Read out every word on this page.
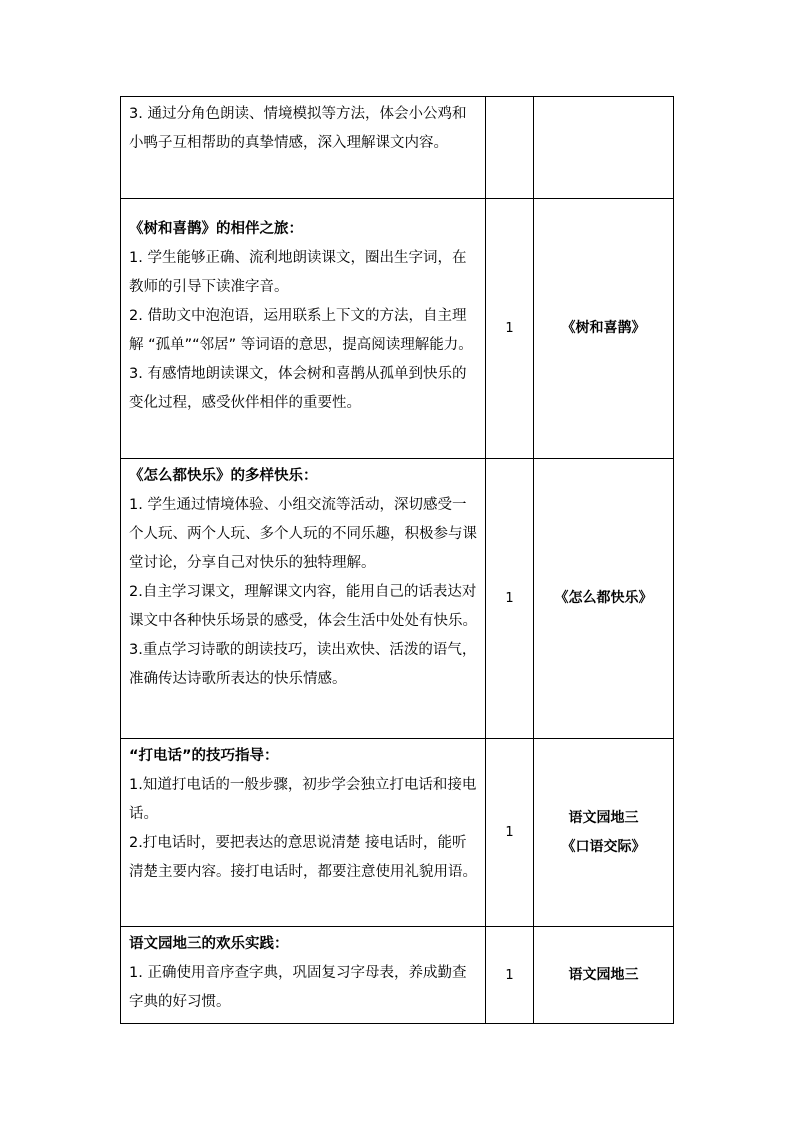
3. 通过分角色朗读、情境模拟等方法，体会小公鸡和小鸭子互相帮助的真挚情感，深入理解课文内容。		

《树和喜鹊》的相伴之旅：
1. 学生能够正确、流利地朗读课文，圈出生字词，在教师的引导下读准字音。
2. 借助文中泡泡语，运用联系上下文的方法，自主理解 “孤单”“邻居” 等词语的意思，提高阅读理解能力。
3. 有感情地朗读课文，体会树和喜鹊从孤单到快乐的变化过程，感受伙伴相伴的重要性。	1	《树和喜鹊》

《怎么都快乐》的多样快乐：
1. 学生通过情境体验、小组交流等活动，深切感受一个人玩、两个人玩、多个人玩的不同乐趣，积极参与课堂讨论，分享自己对快乐的独特理解。
2.自主学习课文，理解课文内容，能用自己的话表达对课文中各种快乐场景的感受，体会生活中处处有快乐。
3.重点学习诗歌的朗读技巧，读出欢快、活泼的语气，准确传达诗歌所表达的快乐情感。	1	《怎么都快乐》

“打电话”的技巧指导：
1.知道打电话的一般步骤，初步学会独立打电话和接电话。
2.打电话时，要把表达的意思说清楚 接电话时，能听清楚主要内容。接打电话时，都要注意使用礼貌用语。	1	语文园地三
《口语交际》

语文园地三的欢乐实践：
1. 正确使用音序查字典，巩固复习字母表，养成勤查字典的好习惯。	1	语文园地三
